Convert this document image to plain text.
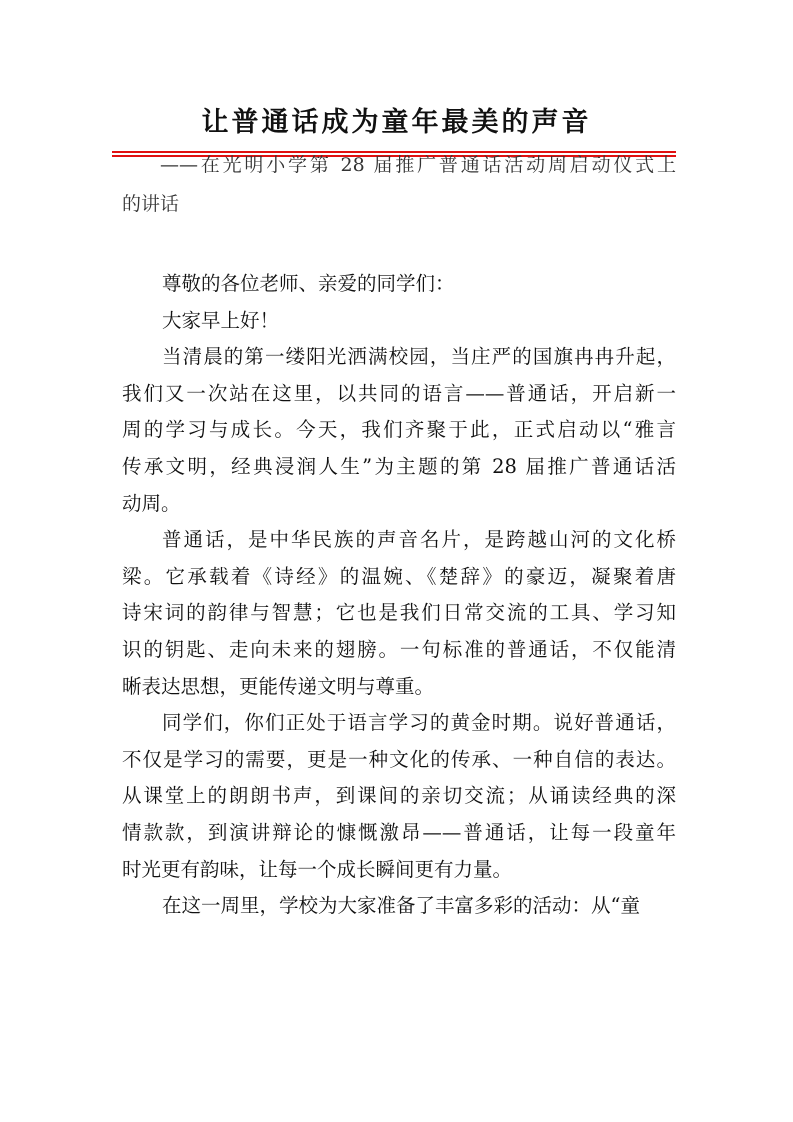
让普通话成为童年最美的声音
——在光明小学第 28 届推广普通话活动周启动仪式上
的讲话
尊敬的各位老师、亲爱的同学们：
大家早上好！
当清晨的第一缕阳光洒满校园，当庄严的国旗冉冉升起，
我们又一次站在这里，以共同的语言——普通话，开启新一
周的学习与成长。今天，我们齐聚于此，正式启动以“雅言
传承文明，经典浸润人生”为主题的第 28 届推广普通话活
动周。
普通话，是中华民族的声音名片，是跨越山河的文化桥
梁。它承载着《诗经》的温婉、《楚辞》的豪迈，凝聚着唐
诗宋词的韵律与智慧；它也是我们日常交流的工具、学习知
识的钥匙、走向未来的翅膀。一句标准的普通话，不仅能清
晰表达思想，更能传递文明与尊重。
同学们，你们正处于语言学习的黄金时期。说好普通话，
不仅是学习的需要，更是一种文化的传承、一种自信的表达。
从课堂上的朗朗书声，到课间的亲切交流；从诵读经典的深
情款款，到演讲辩论的慷慨激昂——普通话，让每一段童年
时光更有韵味，让每一个成长瞬间更有力量。
在这一周里，学校为大家准备了丰富多彩的活动：从“童
